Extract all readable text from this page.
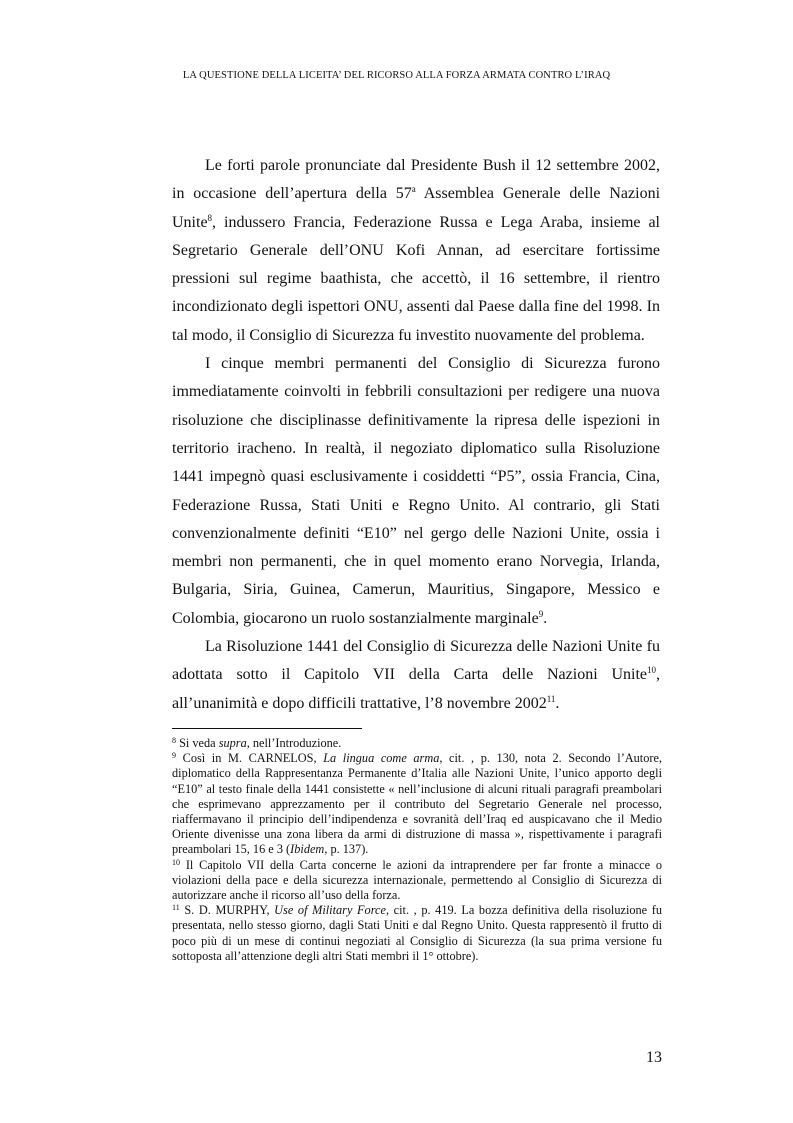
LA QUESTIONE DELLA LICEITA’ DEL RICORSO ALLA FORZA ARMATA CONTRO L’IRAQ

Le forti parole pronunciate dal Presidente Bush il 12 settembre 2002, in occasione dell’apertura della 57$^a$ Assemblea Generale delle Nazioni Unite$^8$, indussero Francia, Federazione Russa e Lega Araba, insieme al Segretario Generale dell’ONU Kofi Annan, ad esercitare fortissime pressioni sul regime baathista, che accettò, il 16 settembre, il rientro incondizionato degli ispettori ONU, assenti dal Paese dalla fine del 1998. In tal modo, il Consiglio di Sicurezza fu investito nuovamente del problema.

I cinque membri permanenti del Consiglio di Sicurezza furono immediatamente coinvolti in febbrili consultazioni per redigere una nuova risoluzione che disciplinasse definitivamente la ripresa delle ispezioni in territorio iracheno. In realtà, il negoziato diplomatico sulla Risoluzione 1441 impegnò quasi esclusivamente i cosiddetti “P5”, ossia Francia, Cina, Federazione Russa, Stati Uniti e Regno Unito. Al contrario, gli Stati convenzionalmente definiti “E10” nel gergo delle Nazioni Unite, ossia i membri non permanenti, che in quel momento erano Norvegia, Irlanda, Bulgaria, Siria, Guinea, Camerun, Mauritius, Singapore, Messico e Colombia, giocarono un ruolo sostanzialmente marginale$^9$.

La Risoluzione 1441 del Consiglio di Sicurezza delle Nazioni Unite fu adottata sotto il Capitolo VII della Carta delle Nazioni Unite$^{10}$, all’unanimità e dopo difficili trattative, l’8 novembre 2002$^{11}$.

$^8$ Si veda supra, nell’Introduzione.

$^9$ Così in M. CARNELOS, La lingua come arma, cit. , p. 130, nota 2. Secondo l’Autore, diplomatico della Rappresentanza Permanente d’Italia alle Nazioni Unite, l’unico apporto degli “E10” al testo finale della 1441 consistette « nell’inclusione di alcuni rituali paragrafi preambolari che esprimevano apprezzamento per il contributo del Segretario Generale nel processo, riaffermavano il principio dell’indipendenza e sovranità dell’Iraq ed auspicavano che il Medio Oriente divenisse una zona libera da armi di distruzione di massa », rispettivamente i paragrafi preambolari 15, 16 e 3 (Ibidem, p. 137).

$^{10}$ Il Capitolo VII della Carta concerne le azioni da intraprendere per far fronte a minacce o violazioni della pace e della sicurezza internazionale, permettendo al Consiglio di Sicurezza di autorizzare anche il ricorso all’uso della forza.

$^{11}$ S. D. MURPHY, Use of Military Force, cit. , p. 419. La bozza definitiva della risoluzione fu presentata, nello stesso giorno, dagli Stati Uniti e dal Regno Unito. Questa rappresentò il frutto di poco più di un mese di continui negoziati al Consiglio di Sicurezza (la sua prima versione fu sottoposta all’attenzione degli altri Stati membri il 1° ottobre).

13
